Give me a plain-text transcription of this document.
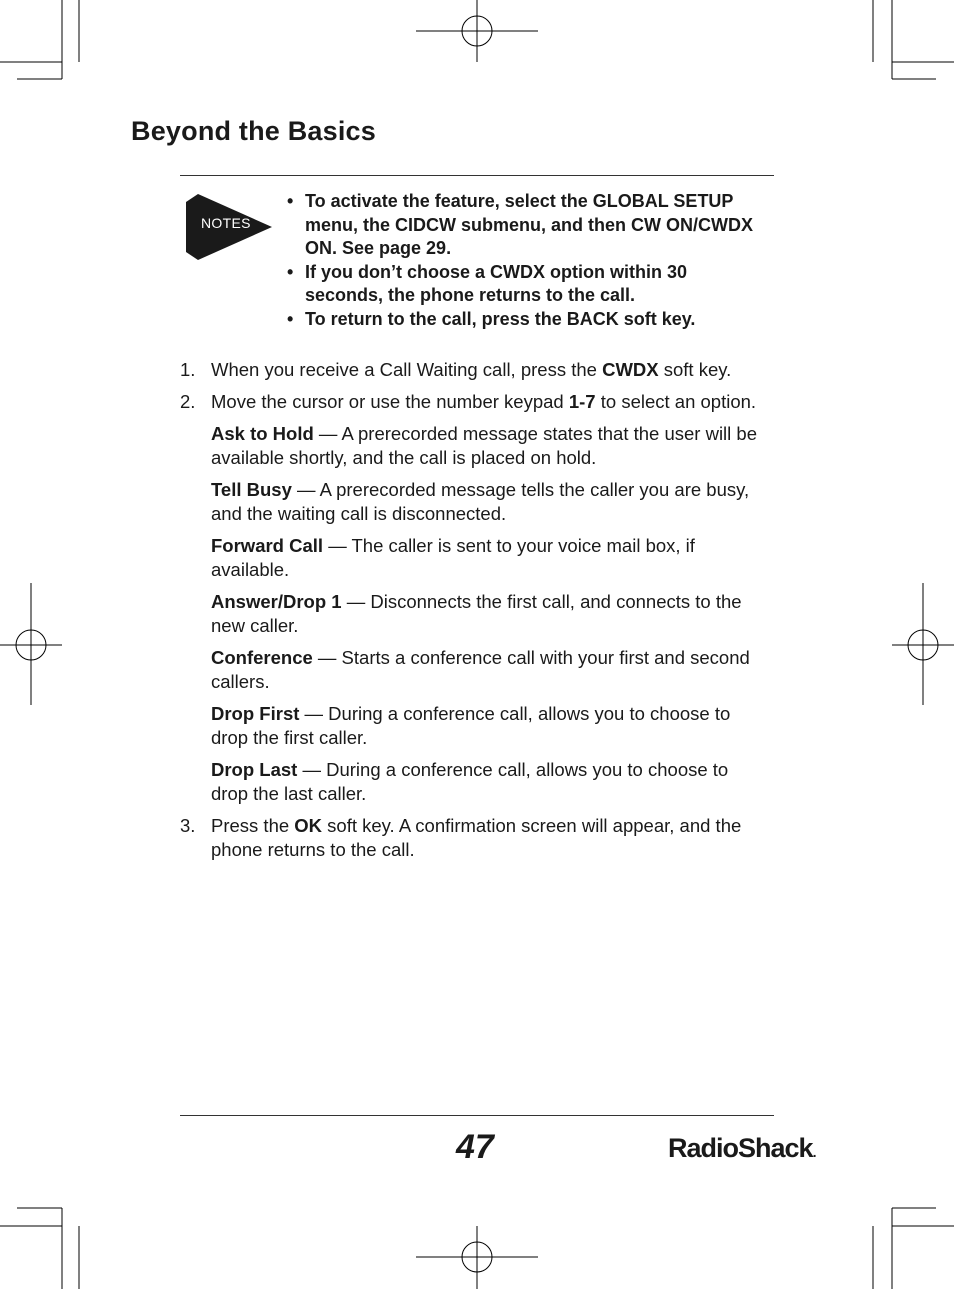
Beyond the Basics
NOTES
• To activate the feature, select the GLOBAL SETUP menu, the CIDCW submenu, and then CW ON/CWDX ON. See page 29.
• If you don’t choose a CWDX option within 30 seconds, the phone returns to the call.
• To return to the call, press the BACK soft key.
1. When you receive a Call Waiting call, press the CWDX soft key.
2. Move the cursor or use the number keypad 1-7 to select an option.
Ask to Hold — A prerecorded message states that the user will be available shortly, and the call is placed on hold.
Tell Busy — A prerecorded message tells the caller you are busy, and the waiting call is disconnected.
Forward Call — The caller is sent to your voice mail box, if available.
Answer/Drop 1 — Disconnects the first call, and connects to the new caller.
Conference — Starts a conference call with your first and second callers.
Drop First — During a conference call, allows you to choose to drop the first caller.
Drop Last — During a conference call, allows you to choose to drop the last caller.
3. Press the OK soft key. A confirmation screen will appear, and the phone returns to the call.
47	RadioShack.
